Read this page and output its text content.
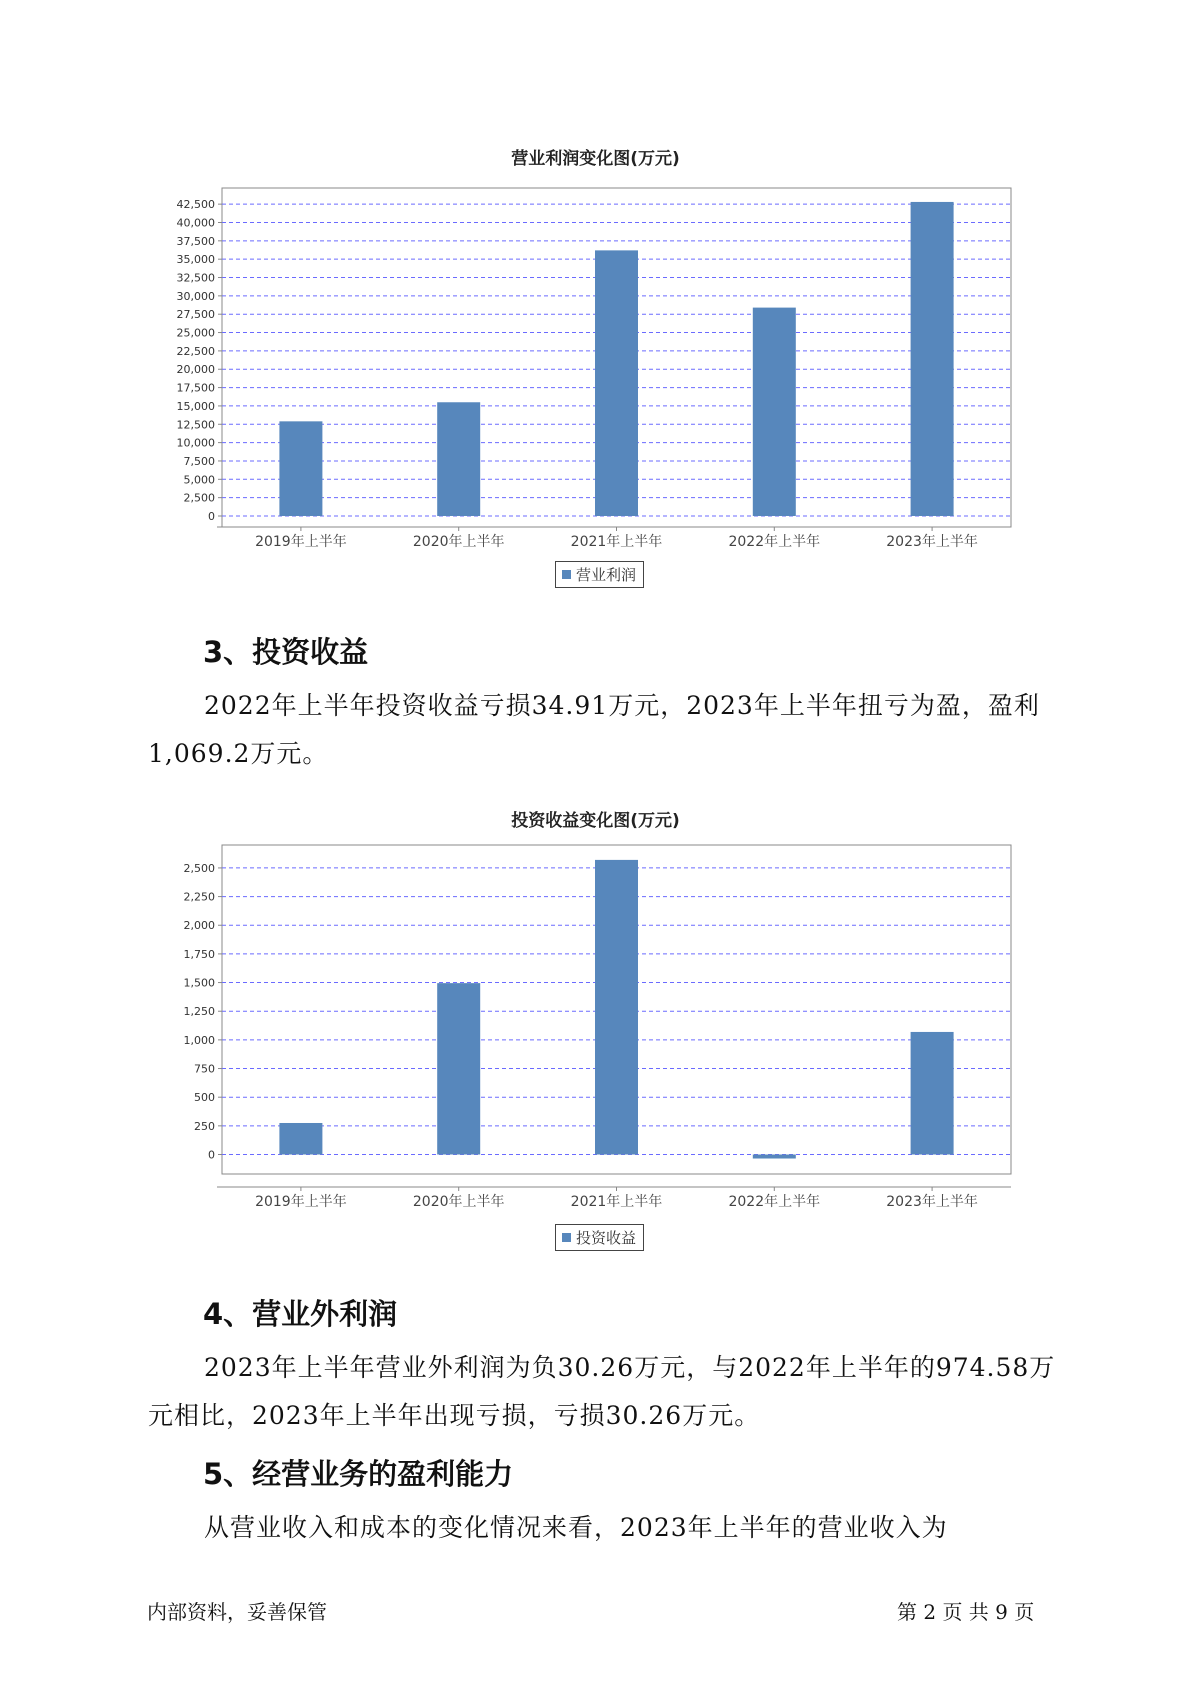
营业利润变化图(万元)
0
2,500
5,000
7,500
10,000
12,500
15,000
17,500
20,000
22,500
25,000
27,500
30,000
32,500
35,000
37,500
40,000
42,500
2019年上半年	2020年上半年	2021年上半年	2022年上半年	2023年上半年
营业利润
3、投资收益
2022年上半年投资收益亏损34.91万元，2023年上半年扭亏为盈，盈利1,069.2万元。
投资收益变化图(万元)
0
250
500
750
1,000
1,250
1,500
1,750
2,000
2,250
2,500
2019年上半年	2020年上半年	2021年上半年	2022年上半年	2023年上半年
投资收益
4、营业外利润
2023年上半年营业外利润为负30.26万元，与2022年上半年的974.58万元相比，2023年上半年出现亏损，亏损30.26万元。
5、经营业务的盈利能力
从营业收入和成本的变化情况来看，2023年上半年的营业收入为
内部资料，妥善保管	第 2 页 共 9 页
